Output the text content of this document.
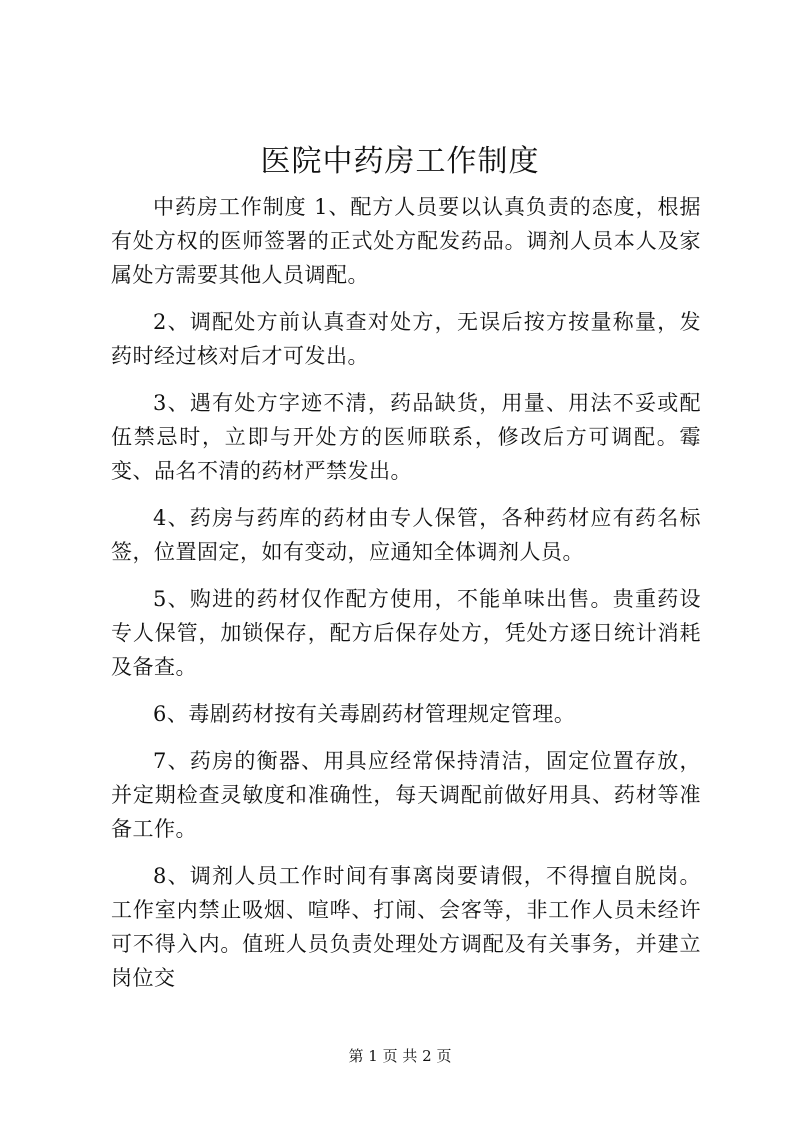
医院中药房工作制度

中药房工作制度 1、配方人员要以认真负责的态度，根据有处方权的医师签署的正式处方配发药品。调剂人员本人及家属处方需要其他人员调配。

2、调配处方前认真查对处方，无误后按方按量称量，发药时经过核对后才可发出。

3、遇有处方字迹不清，药品缺货，用量、用法不妥或配伍禁忌时，立即与开处方的医师联系，修改后方可调配。霉变、品名不清的药材严禁发出。

4、药房与药库的药材由专人保管，各种药材应有药名标签，位置固定，如有变动，应通知全体调剂人员。

5、购进的药材仅作配方使用，不能单味出售。贵重药设专人保管，加锁保存，配方后保存处方，凭处方逐日统计消耗及备查。

6、毒剧药材按有关毒剧药材管理规定管理。

7、药房的衡器、用具应经常保持清洁，固定位置存放，并定期检查灵敏度和准确性，每天调配前做好用具、药材等准备工作。

8、调剂人员工作时间有事离岗要请假，不得擅自脱岗。工作室内禁止吸烟、喧哗、打闹、会客等，非工作人员未经许可不得入内。值班人员负责处理处方调配及有关事务，并建立岗位交

第 1 页 共 2 页
